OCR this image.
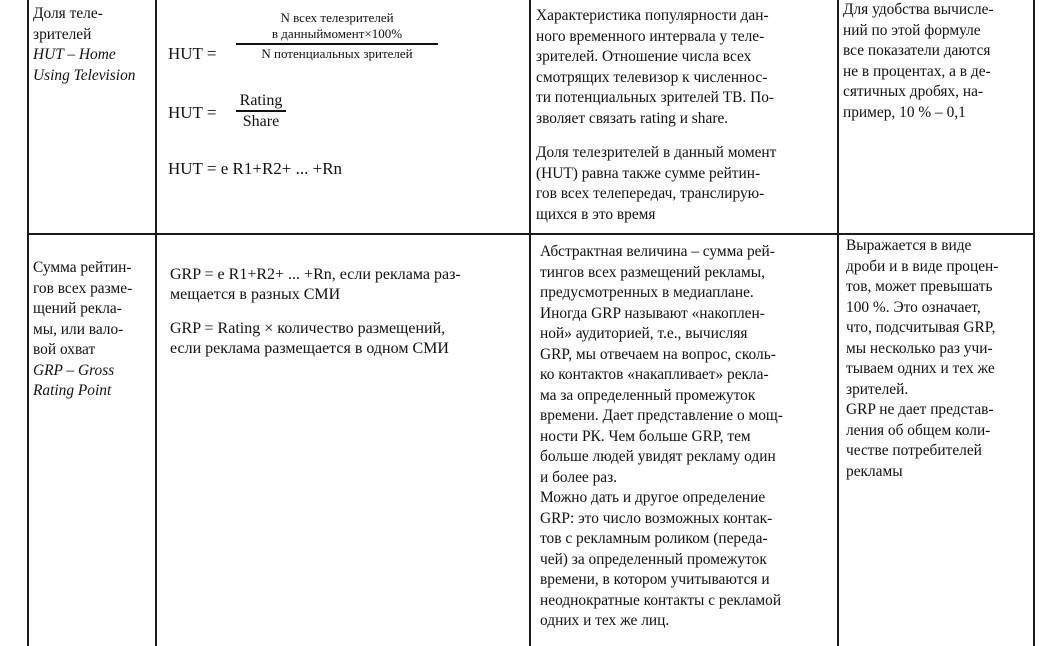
Доля теле-

зрителей

HUT – Home

Using Television

HUT =
N всех телезрителей
в данныймомент×100%
N потенциальных зрителей
HUT =
Rating
Share
HUT = e R1+R2+ ... +Rn

Характеристика популярности дан-

ного временного интервала у теле-

зрителей. Отношение числа всех

смотрящих телевизор к численнос-

ти потенциальных зрителей ТВ. По-

зволяет связать rating и share.

Доля телезрителей в данный момент

(HUT) равна также сумме рейтин-

гов всех телепередач, транслирую-

щихся в это время

Для удобства вычисле-

ний по этой формуле

все показатели даются

не в процентах, а в де-

сятичных дробях, на-

пример, 10 % – 0,1

Сумма рейтин-

гов всех разме-

щений рекла-

мы, или вало-

вой охват

GRP – Gross

Rating Point

GRP = e R1+R2+ ... +Rn, если реклама раз-

мещается в разных СМИ

GRP = Rating × количество размещений,

если реклама размещается в одном СМИ

Абстрактная величина – сумма рей-

тингов всех размещений рекламы,

предусмотренных в медиаплане.

Иногда GRP называют «накоплен-

ной» аудиторией, т.е., вычисляя

GRP, мы отвечаем на вопрос, сколь-

ко контактов «накапливает» рекла-

ма за определенный промежуток

времени. Дает представление о мощ-

ности РК. Чем больше GRP, тем

больше людей увидят рекламу один

и более раз.

Можно дать и другое определение

GRP: это число возможных контак-

тов с рекламным роликом (переда-

чей) за определенный промежуток

времени, в котором учитываются и

неоднократные контакты с рекламой

одних и тех же лиц.

Выражается в виде

дроби и в виде процен-

тов, может превышать

100 %. Это означает,

что, подсчитывая GRP,

мы несколько раз учи-

тываем одних и тех же

зрителей.

GRP не дает представ-

ления об общем коли-

честве потребителей

рекламы
